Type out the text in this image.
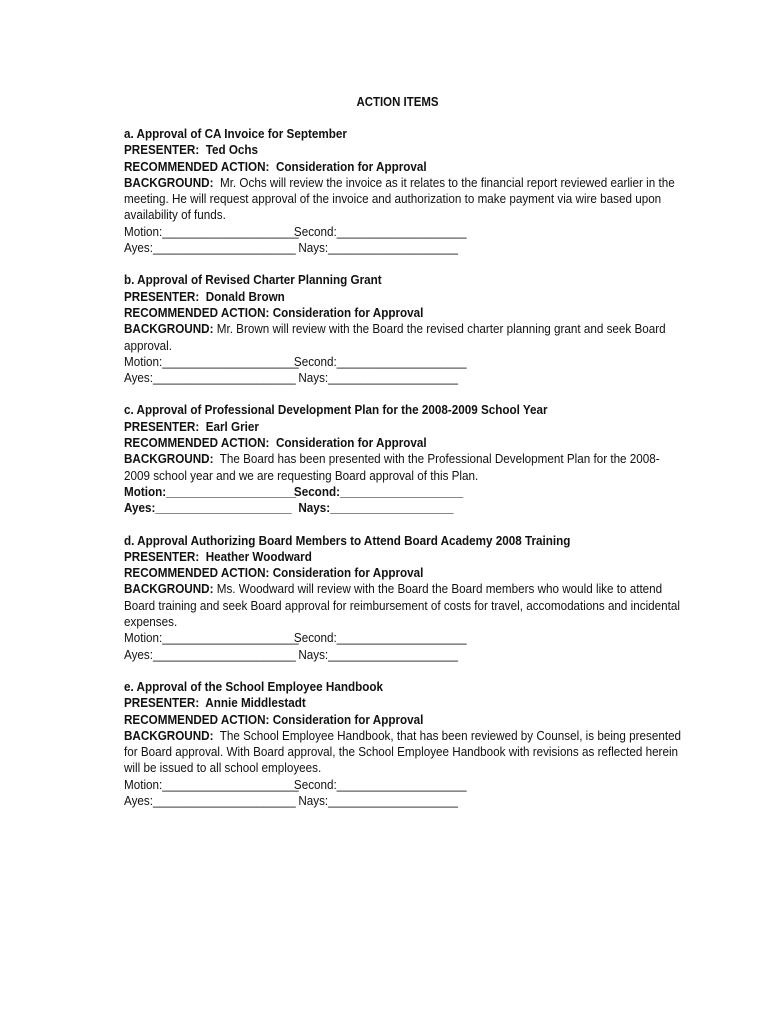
ACTION ITEMS
a. Approval of CA Invoice for September
PRESENTER: Ted Ochs
RECOMMENDED ACTION: Consideration for Approval
BACKGROUND: Mr. Ochs will review the invoice as it relates to the financial report reviewed earlier in the
meeting. He will request approval of the invoice and authorization to make payment via wire based upon
availability of funds.
Motion:_____________________Second:____________________
Ayes:______________________ Nays:____________________
b. Approval of Revised Charter Planning Grant
PRESENTER: Donald Brown
RECOMMENDED ACTION: Consideration for Approval
BACKGROUND: Mr. Brown will review with the Board the revised charter planning grant and seek Board
approval.
Motion:_____________________Second:____________________
Ayes:______________________ Nays:____________________
c. Approval of Professional Development Plan for the 2008-2009 School Year
PRESENTER: Earl Grier
RECOMMENDED ACTION: Consideration for Approval
BACKGROUND: The Board has been presented with the Professional Development Plan for the 2008-
2009 school year and we are requesting Board approval of this Plan.
Motion:____________________Second:___________________
Ayes:_____________________ Nays:___________________
d. Approval Authorizing Board Members to Attend Board Academy 2008 Training
PRESENTER: Heather Woodward
RECOMMENDED ACTION: Consideration for Approval
BACKGROUND: Ms. Woodward will review with the Board the Board members who would like to attend
Board training and seek Board approval for reimbursement of costs for travel, accomodations and incidental
expenses.
Motion:_____________________Second:____________________
Ayes:______________________ Nays:____________________
e. Approval of the School Employee Handbook
PRESENTER: Annie Middlestadt
RECOMMENDED ACTION: Consideration for Approval
BACKGROUND: The School Employee Handbook, that has been reviewed by Counsel, is being presented
for Board approval. With Board approval, the School Employee Handbook with revisions as reflected herein
will be issued to all school employees.
Motion:_____________________Second:____________________
Ayes:______________________ Nays:____________________
